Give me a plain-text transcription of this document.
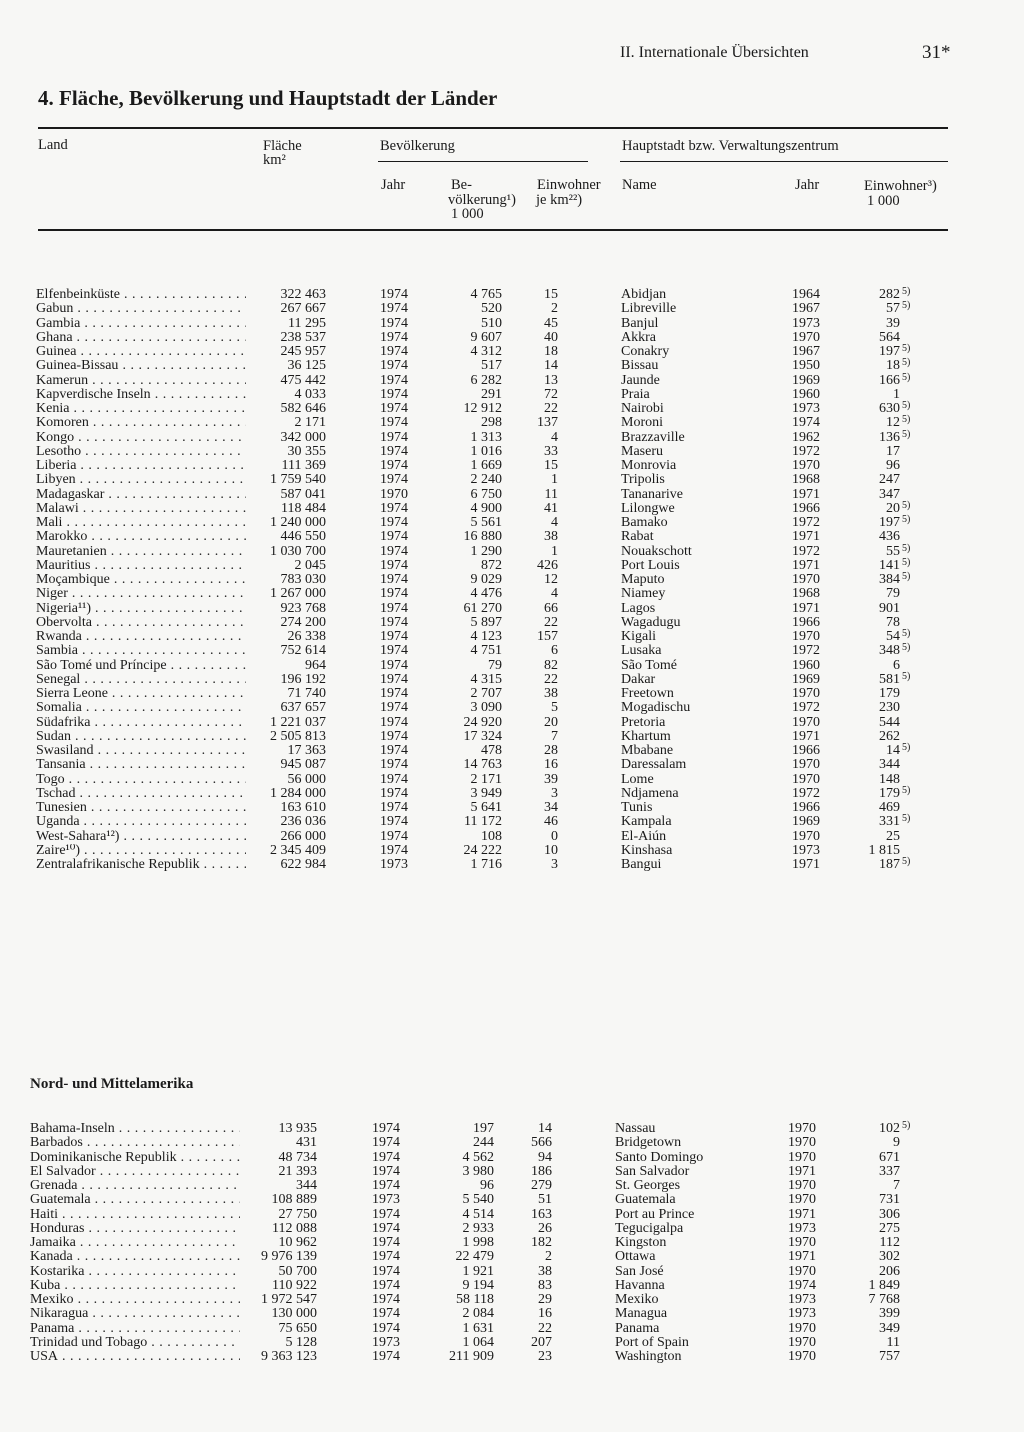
II. Internationale Übersichten	31*
4. Fläche, Bevölkerung und Hauptstadt der Länder
Land	Fläche
km²
Bevölkerung	Hauptstadt bzw. Verwaltungszentrum
Jahr	Be-
völkerung¹)
1 000
Einwohner
je km²²)
Name	Jahr	Einwohner³)
1 000
Elfenbeinküste . . .	322 463	1974	4 765	15	Abidjan	1964	282 5)
Gabun . . .	267 667	1974	520	2	Libreville	1967	57 5)
Gambia . . .	11 295	1974	510	45	Banjul	1973	39
Ghana . . .	238 537	1974	9 607	40	Akkra	1970	564
Guinea . . .	245 957	1974	4 312	18	Conakry	1967	197 5)
Guinea-Bissau . . .	36 125	1974	517	14	Bissau	1950	18 5)
Kamerun . . .	475 442	1974	6 282	13	Jaunde	1969	166 5)
Kapverdische Inseln . . .	4 033	1974	291	72	Praia	1960	1
Kenia . . .	582 646	1974	12 912	22	Nairobi	1973	630 5)
Komoren . . .	2 171	1974	298	137	Moroni	1974	12 5)
Kongo . . .	342 000	1974	1 313	4	Brazzaville	1962	136 5)
Lesotho . . .	30 355	1974	1 016	33	Maseru	1972	17
Liberia . . .	111 369	1974	1 669	15	Monrovia	1970	96
Libyen . . .	1 759 540	1974	2 240	1	Tripolis	1968	247
Madagaskar . . .	587 041	1970	6 750	11	Tananarive	1971	347
Malawi . . .	118 484	1974	4 900	41	Lilongwe	1966	20 5)
Mali . . .	1 240 000	1974	5 561	4	Bamako	1972	197 5)
Marokko . . .	446 550	1974	16 880	38	Rabat	1971	436
Mauretanien . . .	1 030 700	1974	1 290	1	Nouakschott	1972	55 5)
Mauritius . . .	2 045	1974	872	426	Port Louis	1971	141 5)
Moçambique . . .	783 030	1974	9 029	12	Maputo	1970	384 5)
Niger . . .	1 267 000	1974	4 476	4	Niamey	1968	79
Nigeria¹¹) . . .	923 768	1974	61 270	66	Lagos	1971	901
Obervolta . . .	274 200	1974	5 897	22	Wagadugu	1966	78
Rwanda . . .	26 338	1974	4 123	157	Kigali	1970	54 5)
Sambia . . .	752 614	1974	4 751	6	Lusaka	1972	348 5)
São Tomé und Príncipe . . .	964	1974	79	82	São Tomé	1960	6
Senegal . . .	196 192	1974	4 315	22	Dakar	1969	581 5)
Sierra Leone . . .	71 740	1974	2 707	38	Freetown	1970	179
Somalia . . .	637 657	1974	3 090	5	Mogadischu	1972	230
Südafrika . . .	1 221 037	1974	24 920	20	Pretoria	1970	544
Sudan . . .	2 505 813	1974	17 324	7	Khartum	1971	262
Swasiland . . .	17 363	1974	478	28	Mbabane	1966	14 5)
Tansania . . .	945 087	1974	14 763	16	Daressalam	1970	344
Togo . . .	56 000	1974	2 171	39	Lome	1970	148
Tschad . . .	1 284 000	1974	3 949	3	Ndjamena	1972	179 5)
Tunesien . . .	163 610	1974	5 641	34	Tunis	1966	469
Uganda . . .	236 036	1974	11 172	46	Kampala	1969	331 5)
West-Sahara¹²) . . .	266 000	1974	108	0	El-Aiún	1970	25
Zaire¹⁰) . . .	2 345 409	1974	24 222	10	Kinshasa	1973	1 815
Zentralafrikanische Republik . . .	622 984	1973	1 716	3	Bangui	1971	187 5)
Nord- und Mittelamerika
Bahama-Inseln . . .	13 935	1974	197	14	Nassau	1970	102 5)
Barbados . . .	431	1974	244	566	Bridgetown	1970	9
Dominikanische Republik . . .	48 734	1974	4 562	94	Santo Domingo	1970	671
El Salvador . . .	21 393	1974	3 980	186	San Salvador	1971	337
Grenada . . .	344	1974	96	279	St. Georges	1970	7
Guatemala . . .	108 889	1973	5 540	51	Guatemala	1970	731
Haiti . . .	27 750	1974	4 514	163	Port au Prince	1971	306
Honduras . . .	112 088	1974	2 933	26	Tegucigalpa	1973	275
Jamaika . . .	10 962	1974	1 998	182	Kingston	1970	112
Kanada . . .	9 976 139	1974	22 479	2	Ottawa	1971	302
Kostarika . . .	50 700	1974	1 921	38	San José	1970	206
Kuba . . .	110 922	1974	9 194	83	Havanna	1974	1 849
Mexiko . . .	1 972 547	1974	58 118	29	Mexiko	1973	7 768
Nikaragua . . .	130 000	1974	2 084	16	Managua	1973	399
Panama . . .	75 650	1974	1 631	22	Panama	1970	349
Trinidad und Tobago . . .	5 128	1973	1 064	207	Port of Spain	1970	11
USA . . .	9 363 123	1974	211 909	23	Washington	1970	757
